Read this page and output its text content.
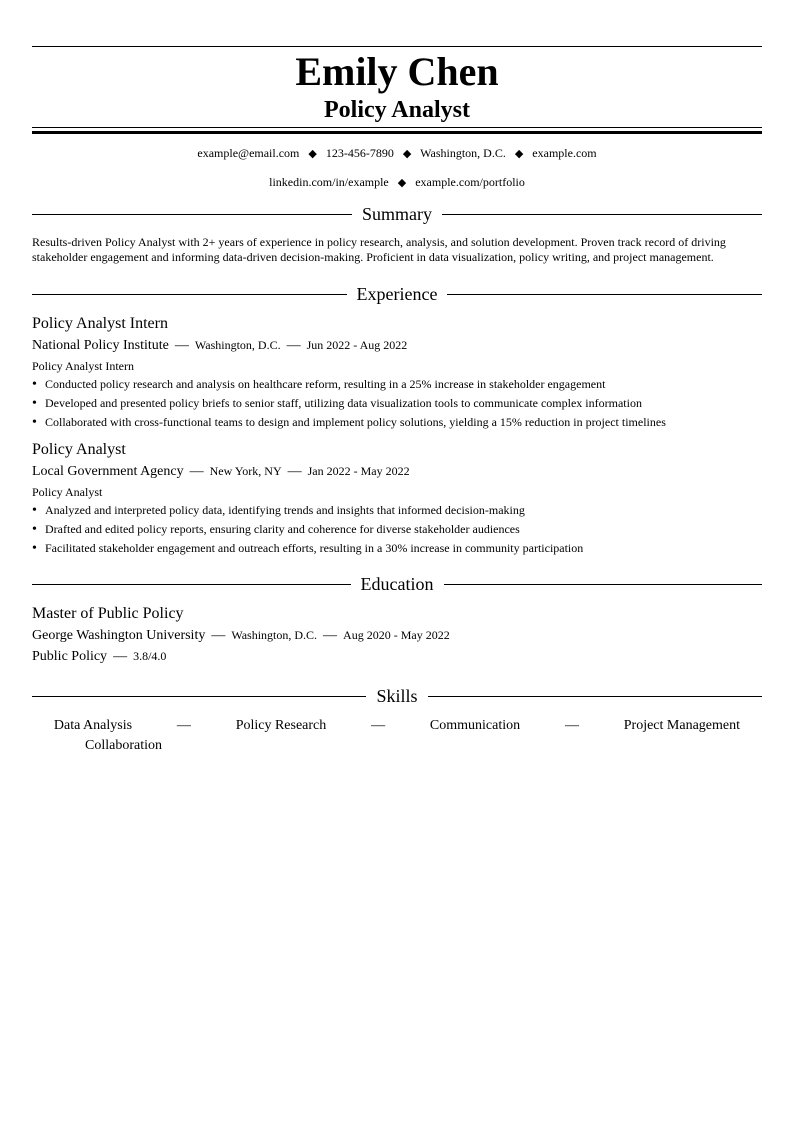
Emily Chen
Policy Analyst
example@email.com ◆ 123-456-7890 ◆ Washington, D.C. ◆ example.com
linkedin.com/in/example ◆ example.com/portfolio
Summary
Results-driven Policy Analyst with 2+ years of experience in policy research, analysis, and solution development. Proven track record of driving stakeholder engagement and informing data-driven decision-making. Proficient in data visualization, policy writing, and project management.
Experience
Policy Analyst Intern
National Policy Institute — Washington, D.C. — Jun 2022 - Aug 2022
Policy Analyst Intern
• Conducted policy research and analysis on healthcare reform, resulting in a 25% increase in stakeholder engagement
• Developed and presented policy briefs to senior staff, utilizing data visualization tools to communicate complex information
• Collaborated with cross-functional teams to design and implement policy solutions, yielding a 15% reduction in project timelines
Policy Analyst
Local Government Agency — New York, NY — Jan 2022 - May 2022
Policy Analyst
• Analyzed and interpreted policy data, identifying trends and insights that informed decision-making
• Drafted and edited policy reports, ensuring clarity and coherence for diverse stakeholder audiences
• Facilitated stakeholder engagement and outreach efforts, resulting in a 30% increase in community participation
Education
Master of Public Policy
George Washington University — Washington, D.C. — Aug 2020 - May 2022
Public Policy — 3.8/4.0
Skills
Data Analysis	—	Policy Research	—	Communication	—	Project Management
Collaboration
